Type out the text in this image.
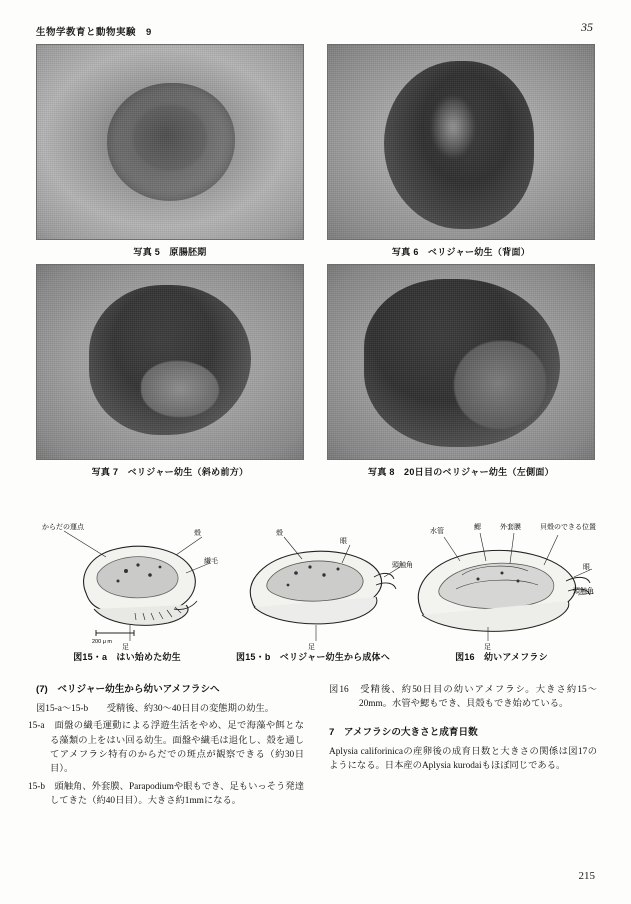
生物学教育と動物実験　9	35
写真 5　原腸胚期	写真 6　ベリジャー幼生（背面）
写真 7　ベリジャー幼生（斜め前方）	写真 8　20日目のベリジャー幼生（左側面）
からだの運点
殻
繊毛
足
200 μ m
殻
眼
頭触角
足
水管
鰓	外套膜	貝殻のできる位置
眼
頭触角
足
図15・a　はい始めた幼生	図15・b　ベリジャー幼生から成体へ	図16　幼いアメフラシ

(7)　ベリジャー幼生から幼いアメフラシへ

図15-a～15-b　　受精後、約30～40日目の変態期の幼生。

15-a　面盤の繊毛運動による浮遊生活をやめ、足で海藻や餌となる藻類の上をはい回る幼生。面盤や繊毛は退化し、殻を通してアメフラシ特有のからだでの斑点が観察できる（約30日目）。

15-b　頭触角、外套膜、Parapodiumや眼もでき、足もいっそう発達してきた（約40日目）。大きさ約1mmになる。

図16　受精後、約50日目の幼いアメフラシ。大きさ約15～20mm。水管や鰓もでき、貝殻もでき始めている。

7　アメフラシの大きさと成育日数

Aplysia califorinicaの産卵後の成育日数と大きさの関係は図17のようになる。日本産のAplysia kurodaiもほぼ同じである。

215
